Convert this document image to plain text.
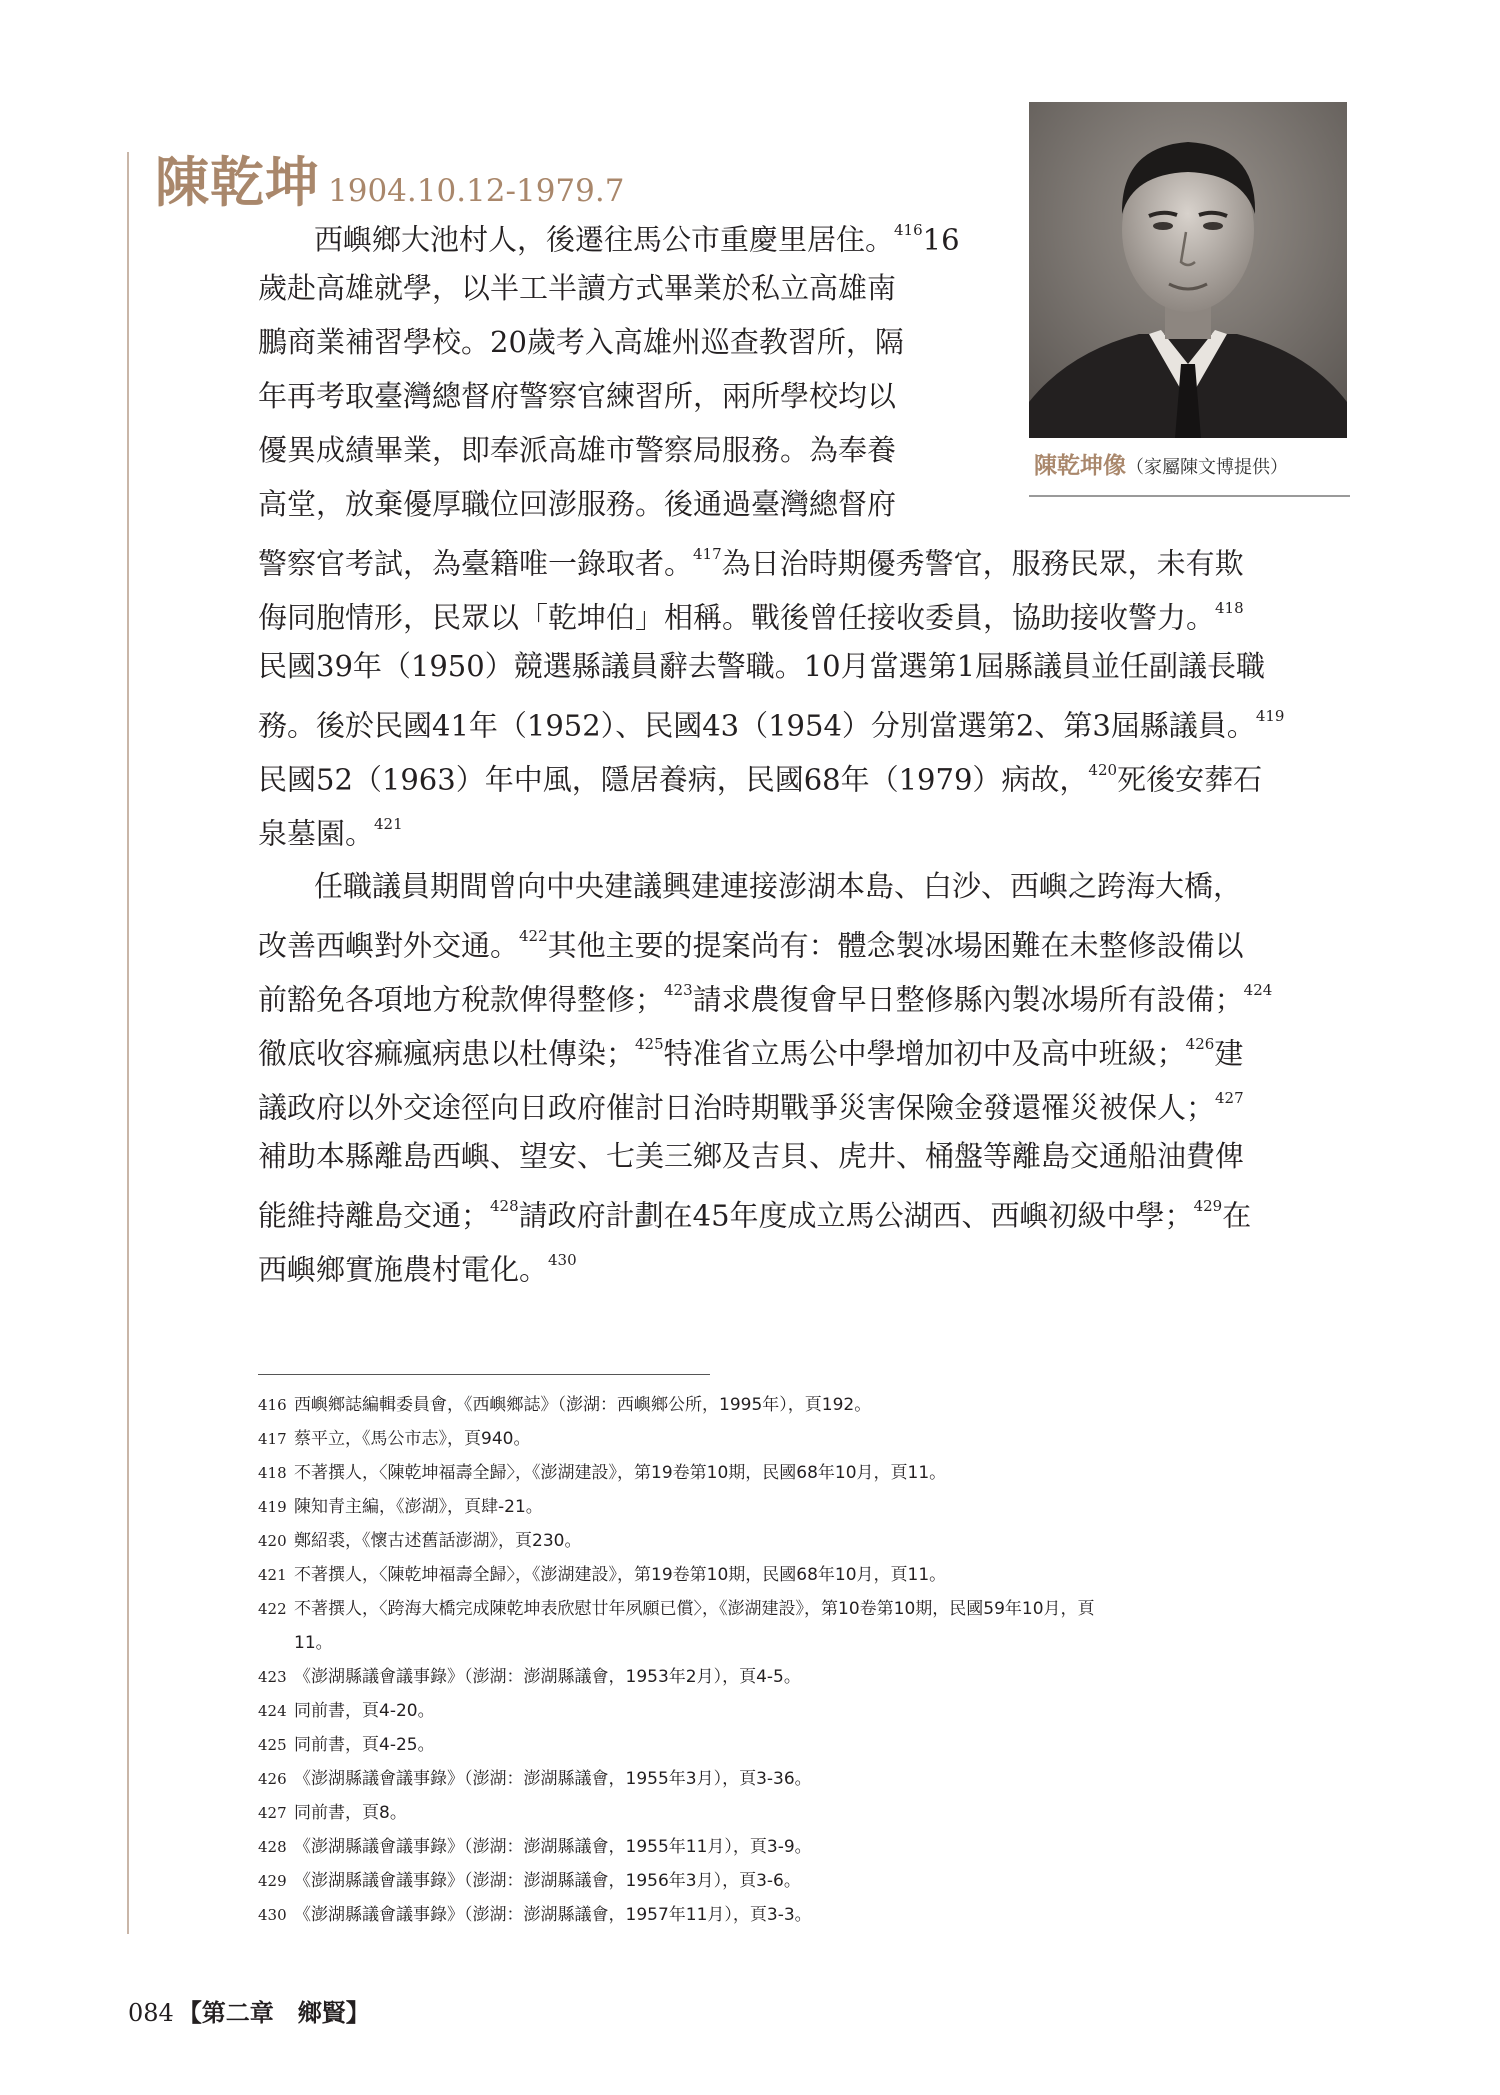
陳乾坤 1904.10.12-1979.7
陳乾坤像（家屬陳文博提供）
西嶼鄉大池村人，後遷往馬公市重慶里居住。$^{416}$16
歲赴高雄就學，以半工半讀方式畢業於私立高雄南
鵬商業補習學校。20歲考入高雄州巡查教習所，隔
年再考取臺灣總督府警察官練習所，兩所學校均以
優異成績畢業，即奉派高雄市警察局服務。為奉養
高堂，放棄優厚職位回澎服務。後通過臺灣總督府
警察官考試，為臺籍唯一錄取者。$^{417}$為日治時期優秀警官，服務民眾，未有欺
侮同胞情形，民眾以「乾坤伯」相稱。戰後曾任接收委員，協助接收警力。$^{418}$
民國39年（1950）競選縣議員辭去警職。10月當選第1屆縣議員並任副議長職
務。後於民國41年（1952）、民國43（1954）分別當選第2、第3屆縣議員。$^{419}$
民國52（1963）年中風，隱居養病，民國68年（1979）病故，$^{420}$死後安葬石
泉墓園。$^{421}$
任職議員期間曾向中央建議興建連接澎湖本島、白沙、西嶼之跨海大橋，
改善西嶼對外交通。$^{422}$其他主要的提案尚有：體念製冰場困難在未整修設備以
前豁免各項地方稅款俾得整修；$^{423}$請求農復會早日整修縣內製冰場所有設備；$^{424}$
徹底收容痲瘋病患以杜傳染；$^{425}$特准省立馬公中學增加初中及高中班級；$^{426}$建
議政府以外交途徑向日政府催討日治時期戰爭災害保險金發還罹災被保人；$^{427}$
補助本縣離島西嶼、望安、七美三鄉及吉貝、虎井、桶盤等離島交通船油費俾
能維持離島交通；$^{428}$請政府計劃在45年度成立馬公湖西、西嶼初級中學；$^{429}$在
西嶼鄉實施農村電化。$^{430}$
416 西嶼鄉誌編輯委員會，《西嶼鄉誌》（澎湖：西嶼鄉公所，1995年），頁192。
417 蔡平立，《馬公市志》，頁940。
418 不著撰人，〈陳乾坤福壽全歸〉，《澎湖建設》，第19卷第10期，民國68年10月，頁11。
419 陳知青主編，《澎湖》，頁肆-21。
420 鄭紹裘，《懷古述舊話澎湖》，頁230。
421 不著撰人，〈陳乾坤福壽全歸〉，《澎湖建設》，第19卷第10期，民國68年10月，頁11。
422 不著撰人，〈跨海大橋完成陳乾坤表欣慰廿年夙願已償〉，《澎湖建設》，第10卷第10期，民國59年10月，頁
11。
423 《澎湖縣議會議事錄》（澎湖：澎湖縣議會，1953年2月），頁4-5。
424 同前書，頁4-20。
425 同前書，頁4-25。
426 《澎湖縣議會議事錄》（澎湖：澎湖縣議會，1955年3月），頁3-36。
427 同前書，頁8。
428 《澎湖縣議會議事錄》（澎湖：澎湖縣議會，1955年11月），頁3-9。
429 《澎湖縣議會議事錄》（澎湖：澎湖縣議會，1956年3月），頁3-6。
430 《澎湖縣議會議事錄》（澎湖：澎湖縣議會，1957年11月），頁3-3。
084 【第二章　鄉賢】
